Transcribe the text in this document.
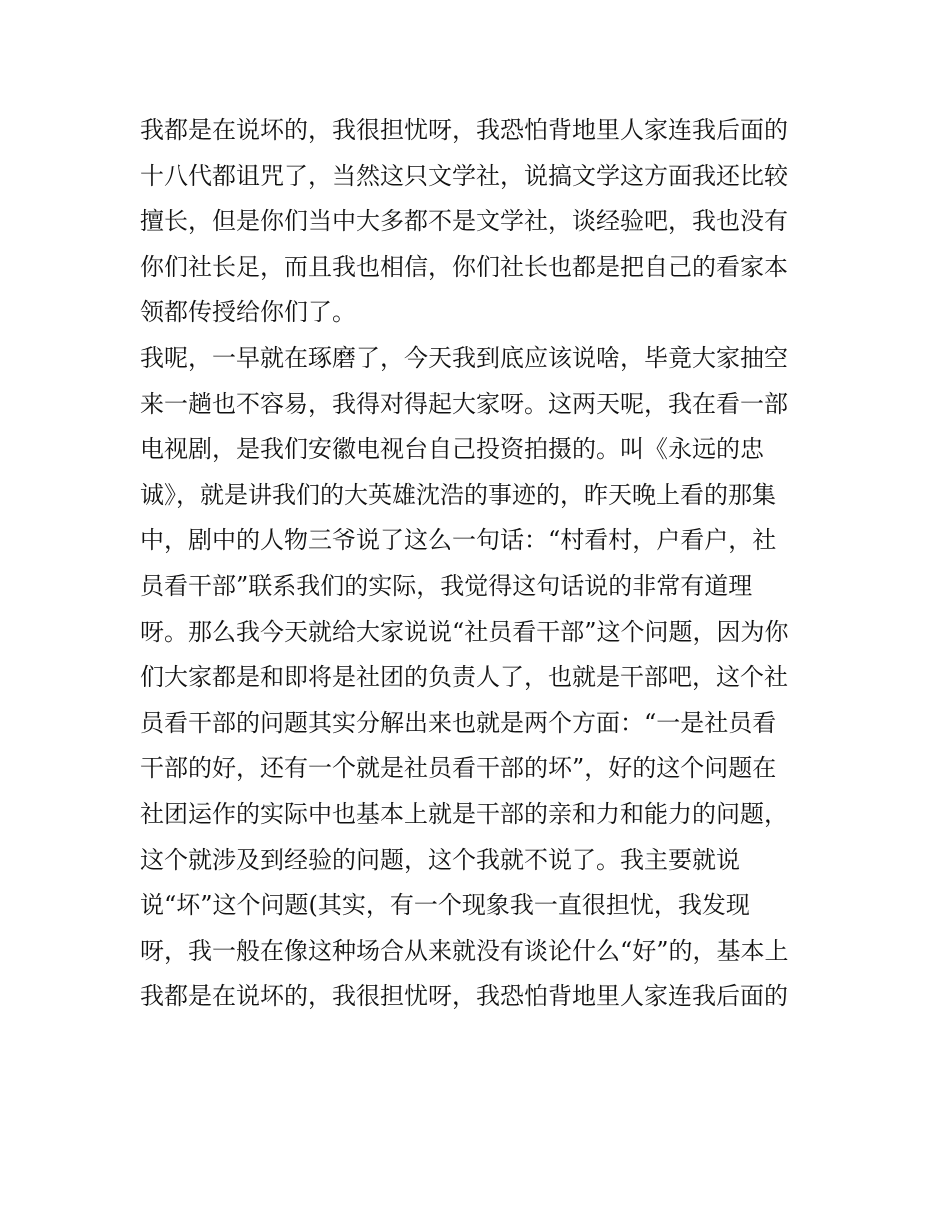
我都是在说坏的，我很担忧呀，我恐怕背地里人家连我后面的
十八代都诅咒了，当然这只文学社，说搞文学这方面我还比较
擅长，但是你们当中大多都不是文学社，谈经验吧，我也没有
你们社长足，而且我也相信，你们社长也都是把自己的看家本
领都传授给你们了。
我呢，一早就在琢磨了，今天我到底应该说啥，毕竟大家抽空
来一趟也不容易，我得对得起大家呀。这两天呢，我在看一部
电视剧，是我们安徽电视台自己投资拍摄的。叫《永远的忠
诚》，就是讲我们的大英雄沈浩的事迹的，昨天晚上看的那集
中，剧中的人物三爷说了这么一句话：“村看村，户看户，社
员看干部”联系我们的实际，我觉得这句话说的非常有道理
呀。那么我今天就给大家说说“社员看干部”这个问题，因为你
们大家都是和即将是社团的负责人了，也就是干部吧，这个社
员看干部的问题其实分解出来也就是两个方面：“一是社员看
干部的好，还有一个就是社员看干部的坏”，好的这个问题在
社团运作的实际中也基本上就是干部的亲和力和能力的问题，
这个就涉及到经验的问题，这个我就不说了。我主要就说
说“坏”这个问题(其实，有一个现象我一直很担忧，我发现
呀，我一般在像这种场合从来就没有谈论什么“好”的，基本上
我都是在说坏的，我很担忧呀，我恐怕背地里人家连我后面的
